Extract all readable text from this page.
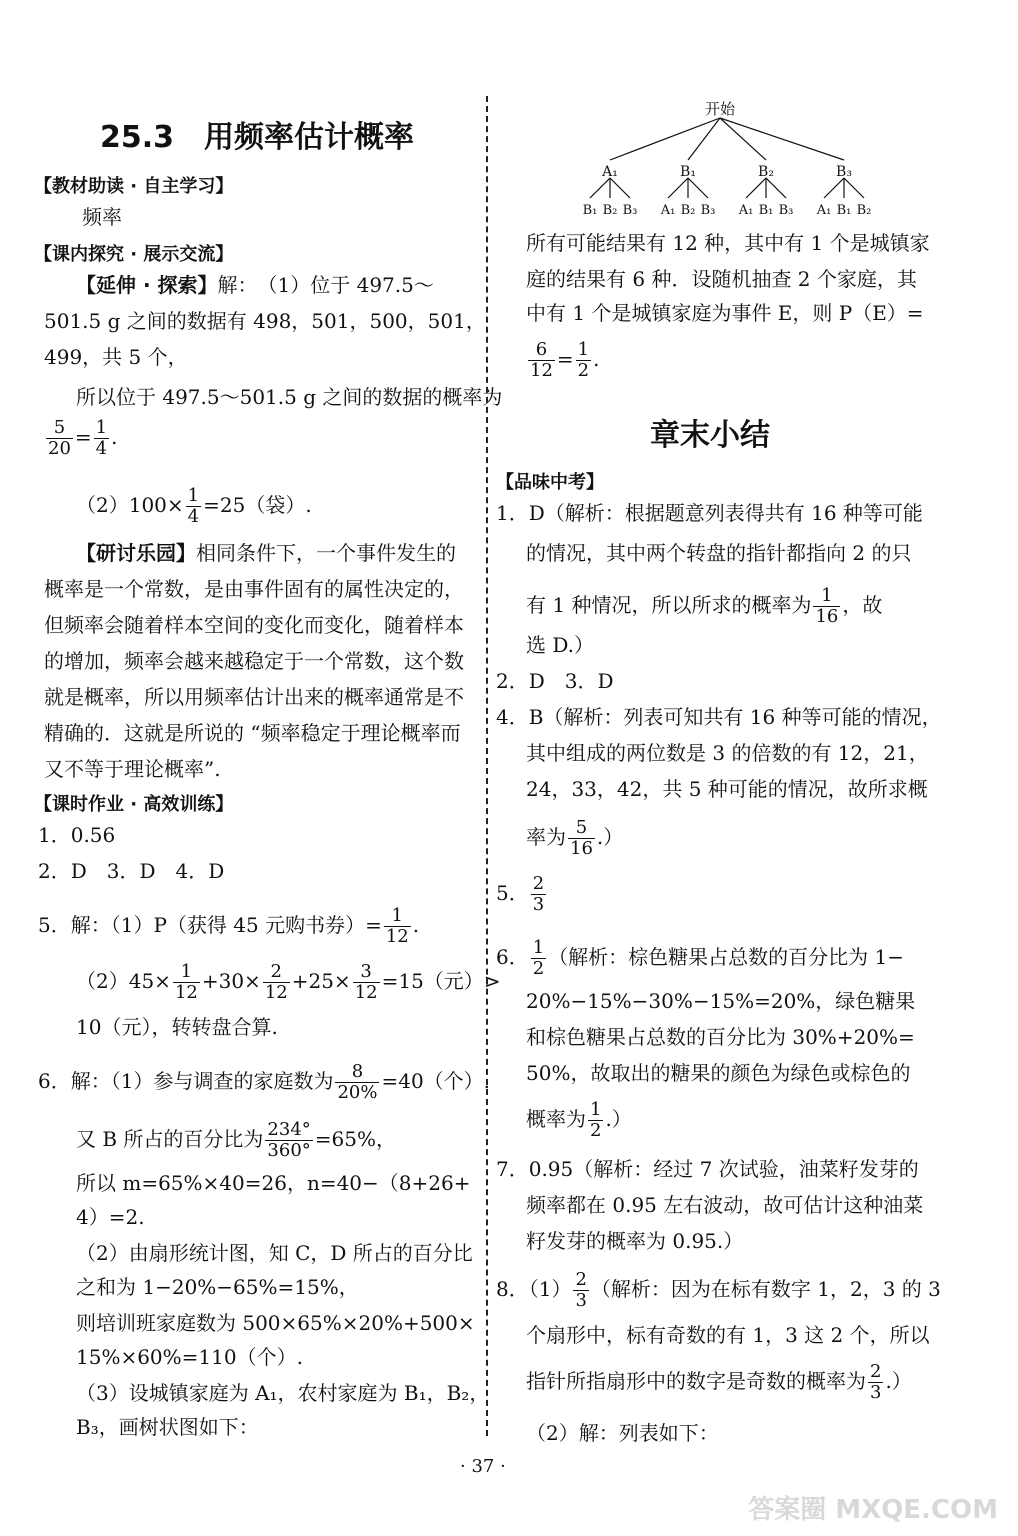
25.3　用频率估计概率
【教材助读 · 自主学习】
频率
【课内探究 · 展示交流】
【延伸 · 探索】解：　（1）位于 497.5～
501.5 g 之间的数据有 498，501，500，501，
499，共 5 个，
所以位于 497.5～501.5 g 之间的数据的概率为
$\frac{5}{20} = \frac{1}{4}$ .
$(2)100\times \frac{1}{4} =25$（袋）.
【研讨乐园】相同条件下，一个事件发生的
概率是一个常数，是由事件固有的属性决定的，
但频率会随着样本空间的变化而变化，随着样本
的增加，频率会越来越稳定于一个常数，这个数
就是概率，所以用频率估计出来的概率通常是不
精确的．这就是所说的 “频率稳定于理论概率而
又不等于理论概率”.
【课时作业 · 高效训练】
1．0.56
2．D　3．D　4．D
5．解：（1）P（获得 45 元购书券）= $\frac{1}{12}$ .
$(2)45\times \frac{1}{12} +30\times \frac{2}{12} +25\times \frac{3}{12} =15$（元）>
10（元），转转盘合算.
6．解：（1）参与调查的家庭数为 $\frac{8}{20\%} =40$（个）.
又 B 所占的百分比为 $\frac{234^\circ}{360^\circ} =65\%$，
所以 m=65%×40=26，n=40−（8+26+
4）=2.
（2）由扇形统计图，知 C，D 所占的百分比
之和为 1−20%−65%=15%，
则培训班家庭数为 500×65%×20%+500×
15%×60%=110（个）.
（3）设城镇家庭为 A₁，农村家庭为 B₁，B₂，
B₃，画树状图如下：
开始
A₁	B₁	B₂	B₃
B₁ B₂ B₃ A₁ B₂ B₃ A₁ B₁ B₃ A₁ B₁ B₂
所有可能结果有 12 种，其中有 1 个是城镇家
庭的结果有 6 种．设随机抽查 2 个家庭，其
中有 1 个是城镇家庭为事件 E，则 P（E）=
$\frac{6}{12} = \frac{1}{2}$ .
章末小结
【品味中考】
1．D（解析：根据题意列表得共有 16 种等可能
的情况，其中两个转盘的指针都指向 2 的只
有 1 种情况，所以所求的概率为 $\frac{1}{16}$ ，故
选 D.）
2．D　3．D
4．B（解析：列表可知共有 16 种等可能的情况，
其中组成的两位数是 3 的倍数的有 12，21，
24，33，42，共 5 种可能的情况，故所求概
率为 $\frac{5}{16}$ .）
5． $\frac{2}{3}$
6． $\frac{1}{2}$ （解析：棕色糖果占总数的百分比为 1−
20%−15%−30%−15%=20%，绿色糖果
和棕色糖果占总数的百分比为 30%+20%=
50%，故取出的糖果的颜色为绿色或棕色的
概率为 $\frac{1}{2}$ .）
7．0.95（解析：经过 7 次试验，油菜籽发芽的
频率都在 0.95 左右波动，故可估计这种油菜
籽发芽的概率为 0.95.）
8．$(1) \frac{2}{3}$ （解析：因为在标有数字 1，2，3 的 3
个扇形中，标有奇数的有 1，3 这 2 个，所以
指针所指扇形中的数字是奇数的概率为 $\frac{2}{3}$ .）
（2）解：列表如下：
· 37 ·
答案圈 MXQE.COM
